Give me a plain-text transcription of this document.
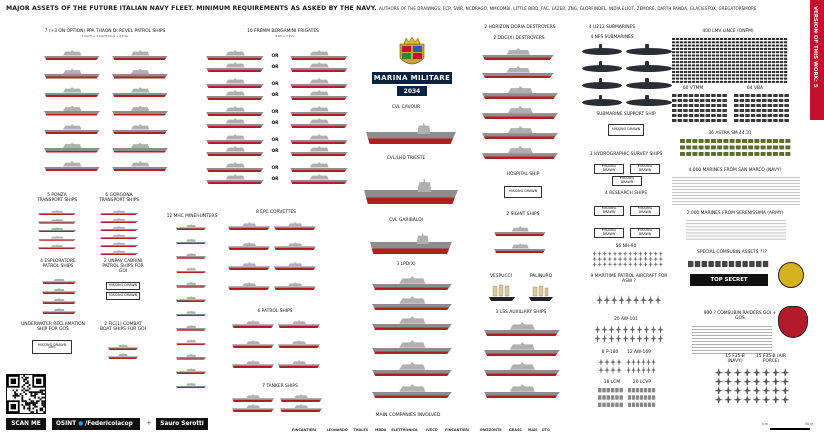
MAJOR ASSETS OF THE FUTURE ITALIAN NAVY FLEET. MINIMUM REQUIREMENTS AS ASKED BY THE NAVY. AUTHORS OF THE DRAWINGS: FCP, SWR, NCDRAGO, MMCOMBI, LITTLE BIRD, FAC, LAZER, ZNG, GLORFINDEL, INDIA ELIOT, ZEMORE, DARTH PANDA, GLACIESFOX, GREGATORSMORE	VERSION OF THIS WORK: 5
7 (+3 ON OPTION) PPA THAON DI REVEL PATROL SHIPS
3 LIGHT + 2 LIGHT PLUS + 2 FULL
10 FREMM BERGAMINI FRIGATES
8 GP + 2 EVO
MARINA MILITARE
2034
CVL CAVOUR
CVL/LHD TRIESTE
CVL GARIBALDI
3 LPD(X)
7 TANKER SHIPS
2 HORIZON DORIA DESTROYERS
2 DDG(X) DESTROYERS
HOSPITAL SHIP
MISSING DRAWN
2 SIGINT SHIPS
VESPUCCI	PALINURO
3 LSS AUXILIARY SHIPS
4 U212 SUBMARINES
4 NFS SUBMARINES
SUBMARINE SUPPORT SHIP
MISSING DRAWN
3 HYDROGRAPHIC SURVEY SHIPS
MISSING DRAWN
MISSING DRAWN
MISSING DRAWN
4 RESEARCH SHIPS
MISSING DRAWN
MISSING DRAWN
MISSING DRAWN
MISSING DRAWN
56 NH-90
9 MARITIME PATROL AIRCRAFT FOR ASW ?
20 AW-101
8 P-180	12 AW-169
18 LCM	20 LCVP
400 LMV LINCE (ONFM)
60 VTMM	64 VBA
36 ASTRA SM 44.31
4.000 MARINES FROM SAN MARCO (NAVY)
2.000 MARINES FROM SERENISSIMA (ARMY)
SPECIAL COMSUBIN ASSETS ???
TOP SECRET
900 ? COMSUBIN RAIDERS GOI + GOS
15 F35-B (NAVY)
15 F35-B (AIR FORCE)
5 PONZA TRANSPORT SHIPS
6 GORGONA TRANSPORT SHIPS
12 MHC MINEHUNTERS
8 EPC CORVETTES
6 PATROL SHIPS
4 ESPLORATORE PATROL SHIPS
2 UNPAV CABRINI PATROL SHIPS FOR GOI
MISSING DRAWN
MISSING DRAWN
UNDERWATER RECLAMATION SHIP FOR GOS
MISSING DRAWN
GREX
2 FIC(1) COMBAT BOAT SHIPS FOR GOI
MAIN COMPANIES INVOLVED
SCAN ME	OSINT ● /Federicolacop +	Sauro Serotti	0 m	50 m
OR
OR
OR
OR
OR
OR
OR
OR
OR
OR
FINCANTIERI	LEONARDO THALES MBDA ELETTRONICA IVECO FINCANTIERI	ORIZZONTE GRASS MAN OTO
